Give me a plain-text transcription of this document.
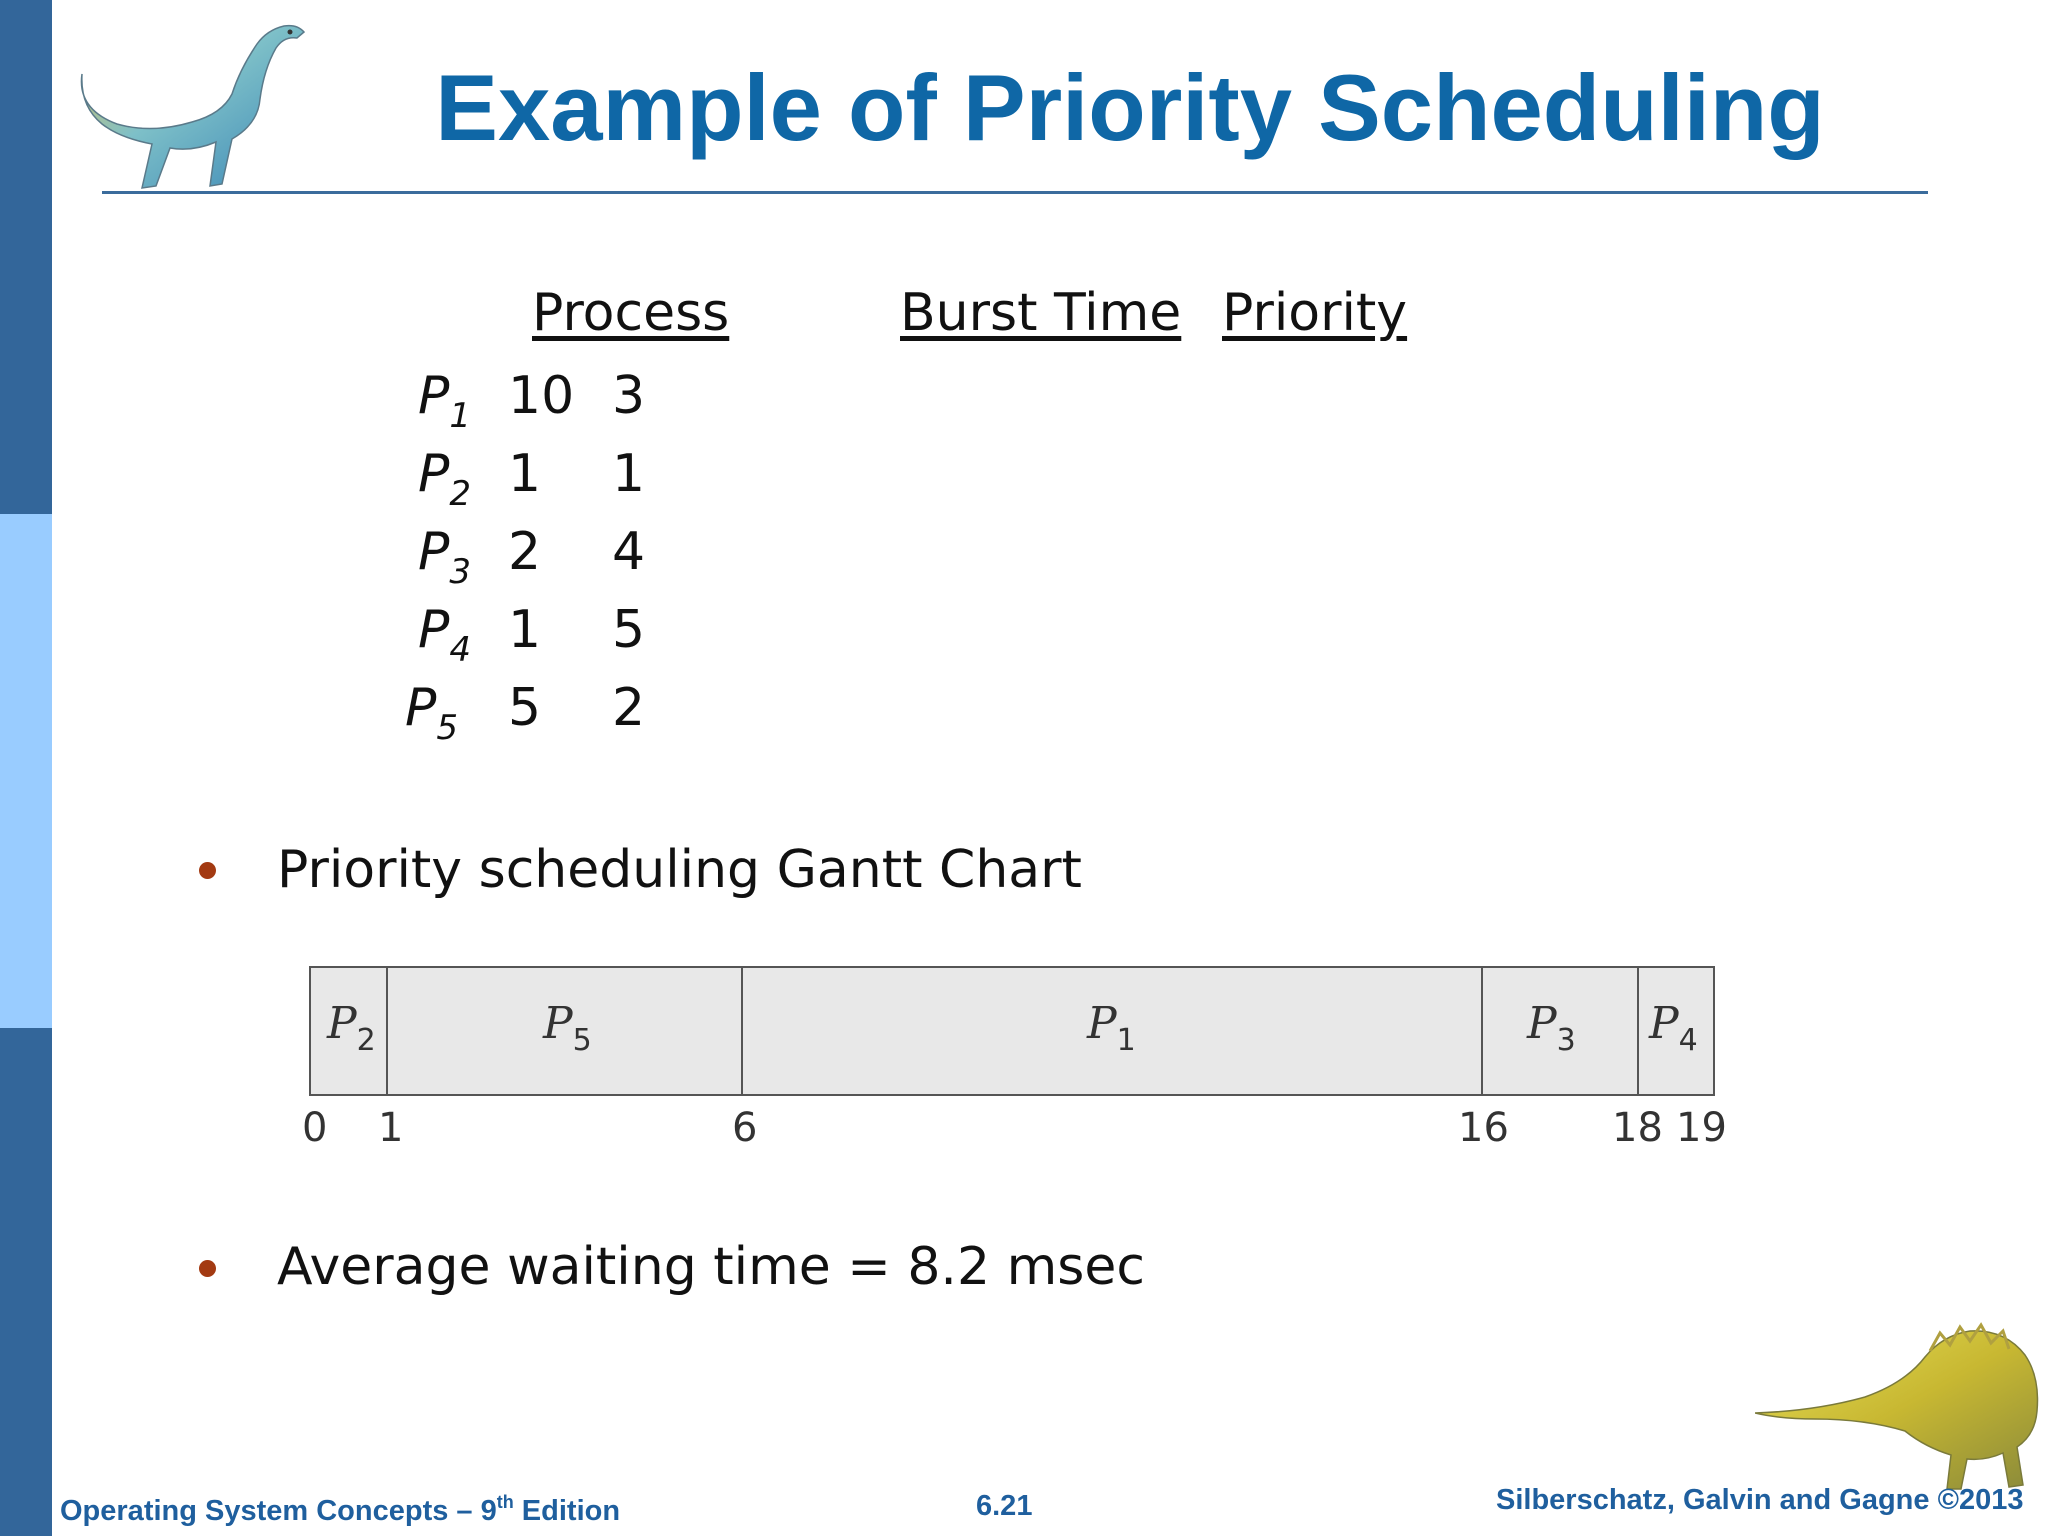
Example of Priority Scheduling
Process	Burst Time Priority
$P_1$ 10 3
$P_2$ 1 1
$P_3$ 2 4
$P_4$ 1 5
$P_5$ 5 2
Priority scheduling Gantt Chart
$P_2$	$P_5$	$P_1$	$P_3$ $P_4$
0 1	6	16	18 19
Average waiting time = 8.2 msec
Operating System Concepts – 9th Edition	6.21	Silberschatz, Galvin and Gagne ©2013
